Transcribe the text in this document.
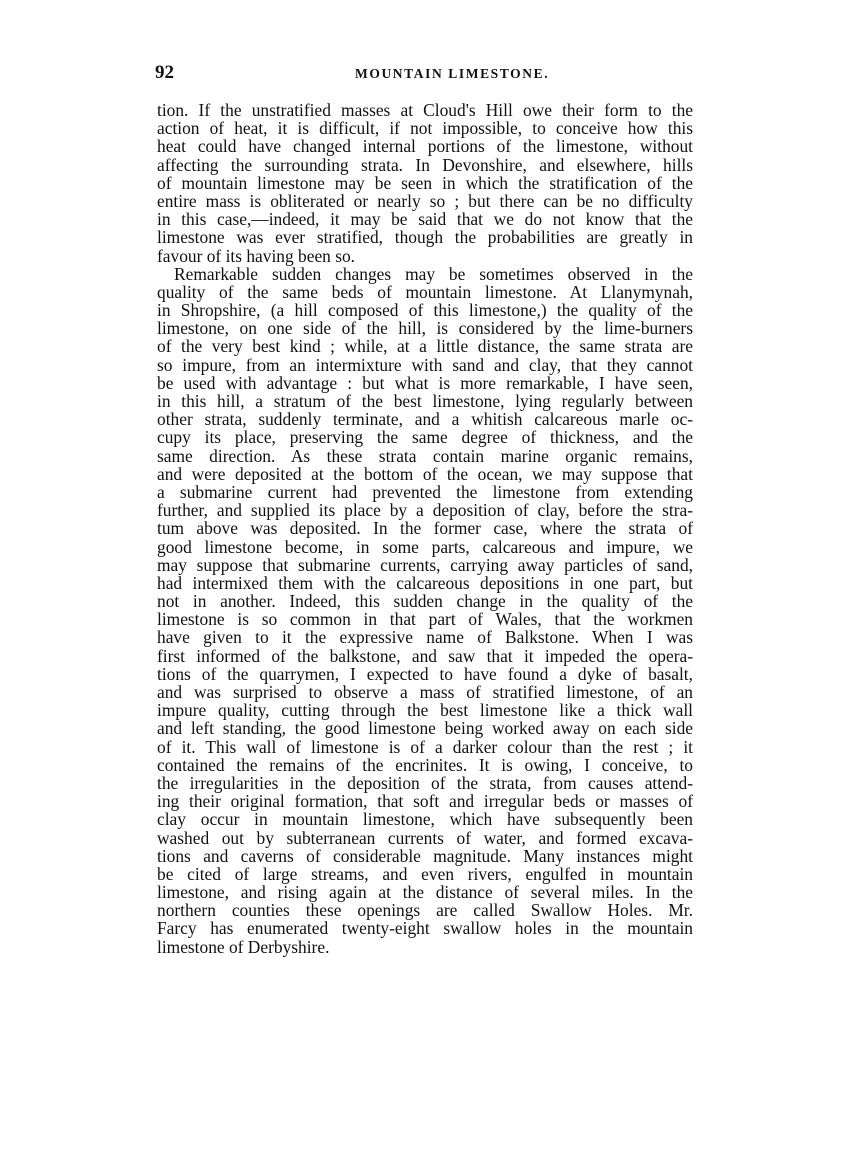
92	MOUNTAIN LIMESTONE.
tion. If the unstratified masses at Cloud's Hill owe their form to the
action of heat, it is difficult, if not impossible, to conceive how this
heat could have changed internal portions of the limestone, without
affecting the surrounding strata. In Devonshire, and elsewhere, hills
of mountain limestone may be seen in which the stratification of the
entire mass is obliterated or nearly so ; but there can be no difficulty
in this case,—indeed, it may be said that we do not know that the
limestone was ever stratified, though the probabilities are greatly in
favour of its having been so.
Remarkable sudden changes may be sometimes observed in the
quality of the same beds of mountain limestone. At Llanymynah,
in Shropshire, (a hill composed of this limestone,) the quality of the
limestone, on one side of the hill, is considered by the lime-burners
of the very best kind ; while, at a little distance, the same strata are
so impure, from an intermixture with sand and clay, that they cannot
be used with advantage : but what is more remarkable, I have seen,
in this hill, a stratum of the best limestone, lying regularly between
other strata, suddenly terminate, and a whitish calcareous marle oc-
cupy its place, preserving the same degree of thickness, and the
same direction. As these strata contain marine organic remains,
and were deposited at the bottom of the ocean, we may suppose that
a submarine current had prevented the limestone from extending
further, and supplied its place by a deposition of clay, before the stra-
tum above was deposited. In the former case, where the strata of
good limestone become, in some parts, calcareous and impure, we
may suppose that submarine currents, carrying away particles of sand,
had intermixed them with the calcareous depositions in one part, but
not in another. Indeed, this sudden change in the quality of the
limestone is so common in that part of Wales, that the workmen
have given to it the expressive name of Balkstone. When I was
first informed of the balkstone, and saw that it impeded the opera-
tions of the quarrymen, I expected to have found a dyke of basalt,
and was surprised to observe a mass of stratified limestone, of an
impure quality, cutting through the best limestone like a thick wall
and left standing, the good limestone being worked away on each side
of it. This wall of limestone is of a darker colour than the rest ; it
contained the remains of the encrinites. It is owing, I conceive, to
the irregularities in the deposition of the strata, from causes attend-
ing their original formation, that soft and irregular beds or masses of
clay occur in mountain limestone, which have subsequently been
washed out by subterranean currents of water, and formed excava-
tions and caverns of considerable magnitude. Many instances might
be cited of large streams, and even rivers, engulfed in mountain
limestone, and rising again at the distance of several miles. In the
northern counties these openings are called Swallow Holes. Mr.
Farcy has enumerated twenty-eight swallow holes in the mountain
limestone of Derbyshire.
